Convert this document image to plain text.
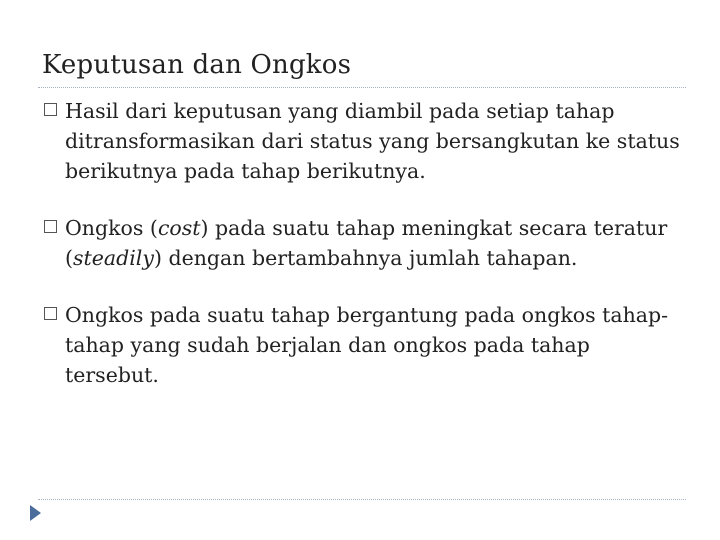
Keputusan dan Ongkos
Hasil dari keputusan yang diambil pada setiap tahap ditransformasikan dari status yang bersangkutan ke status berikutnya pada tahap berikutnya.
Ongkos (cost) pada suatu tahap meningkat secara teratur (steadily) dengan bertambahnya jumlah tahapan.
Ongkos pada suatu tahap bergantung pada ongkos tahap-tahap yang sudah berjalan dan ongkos pada tahap tersebut.
